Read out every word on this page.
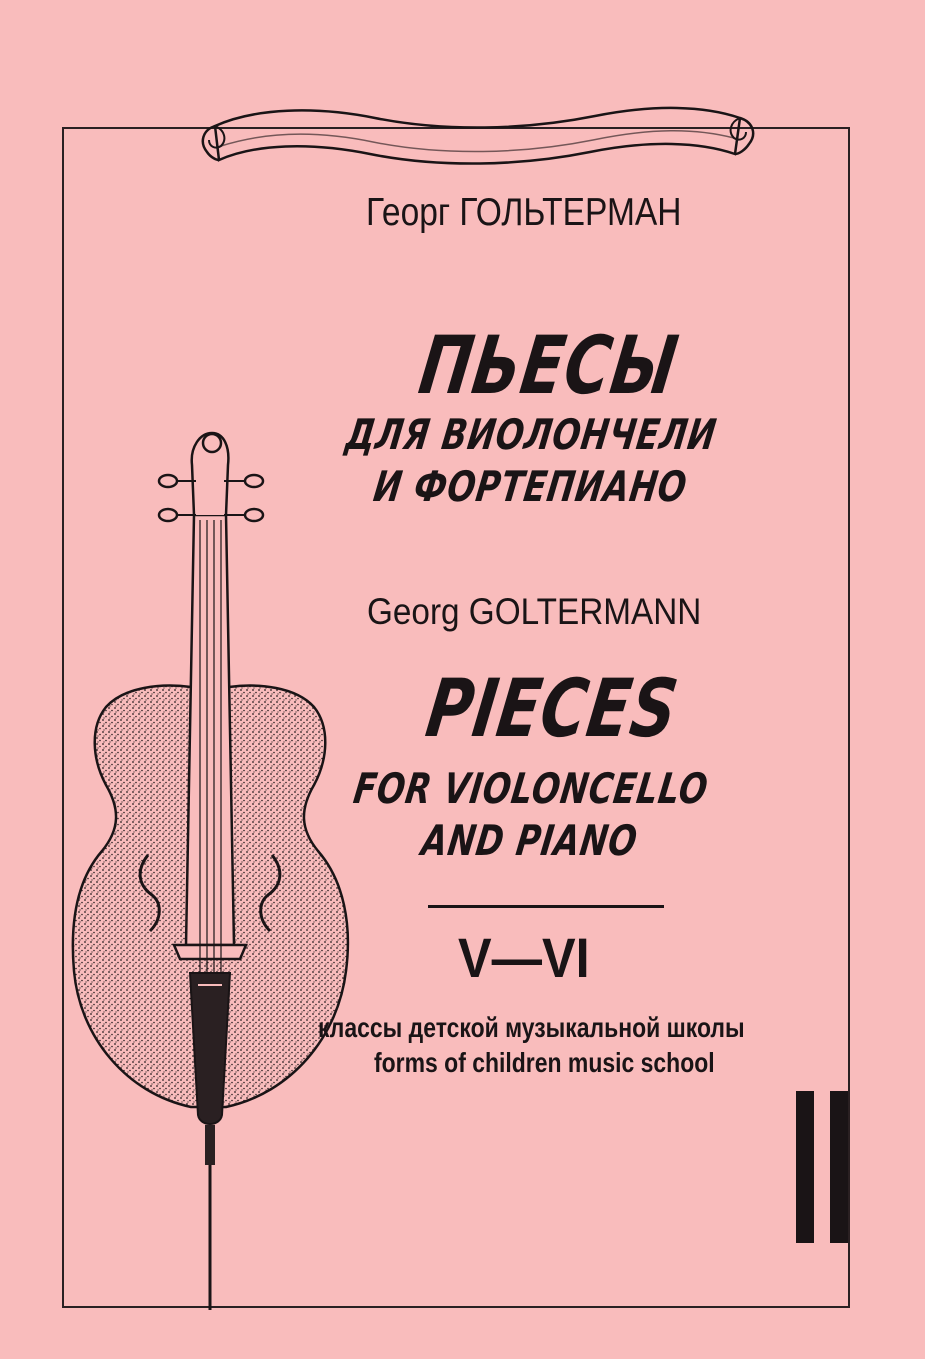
Георг ГОЛЬТЕРМАН
ПЬЕСЫ
ДЛЯ ВИОЛОНЧЕЛИ
И ФОРТЕПИАНО
Georg GOLTERMANN
PIECES
FOR VIOLONCELLO
AND PIANO
V—VI
классы детской музыкальной школы
forms of children music school
